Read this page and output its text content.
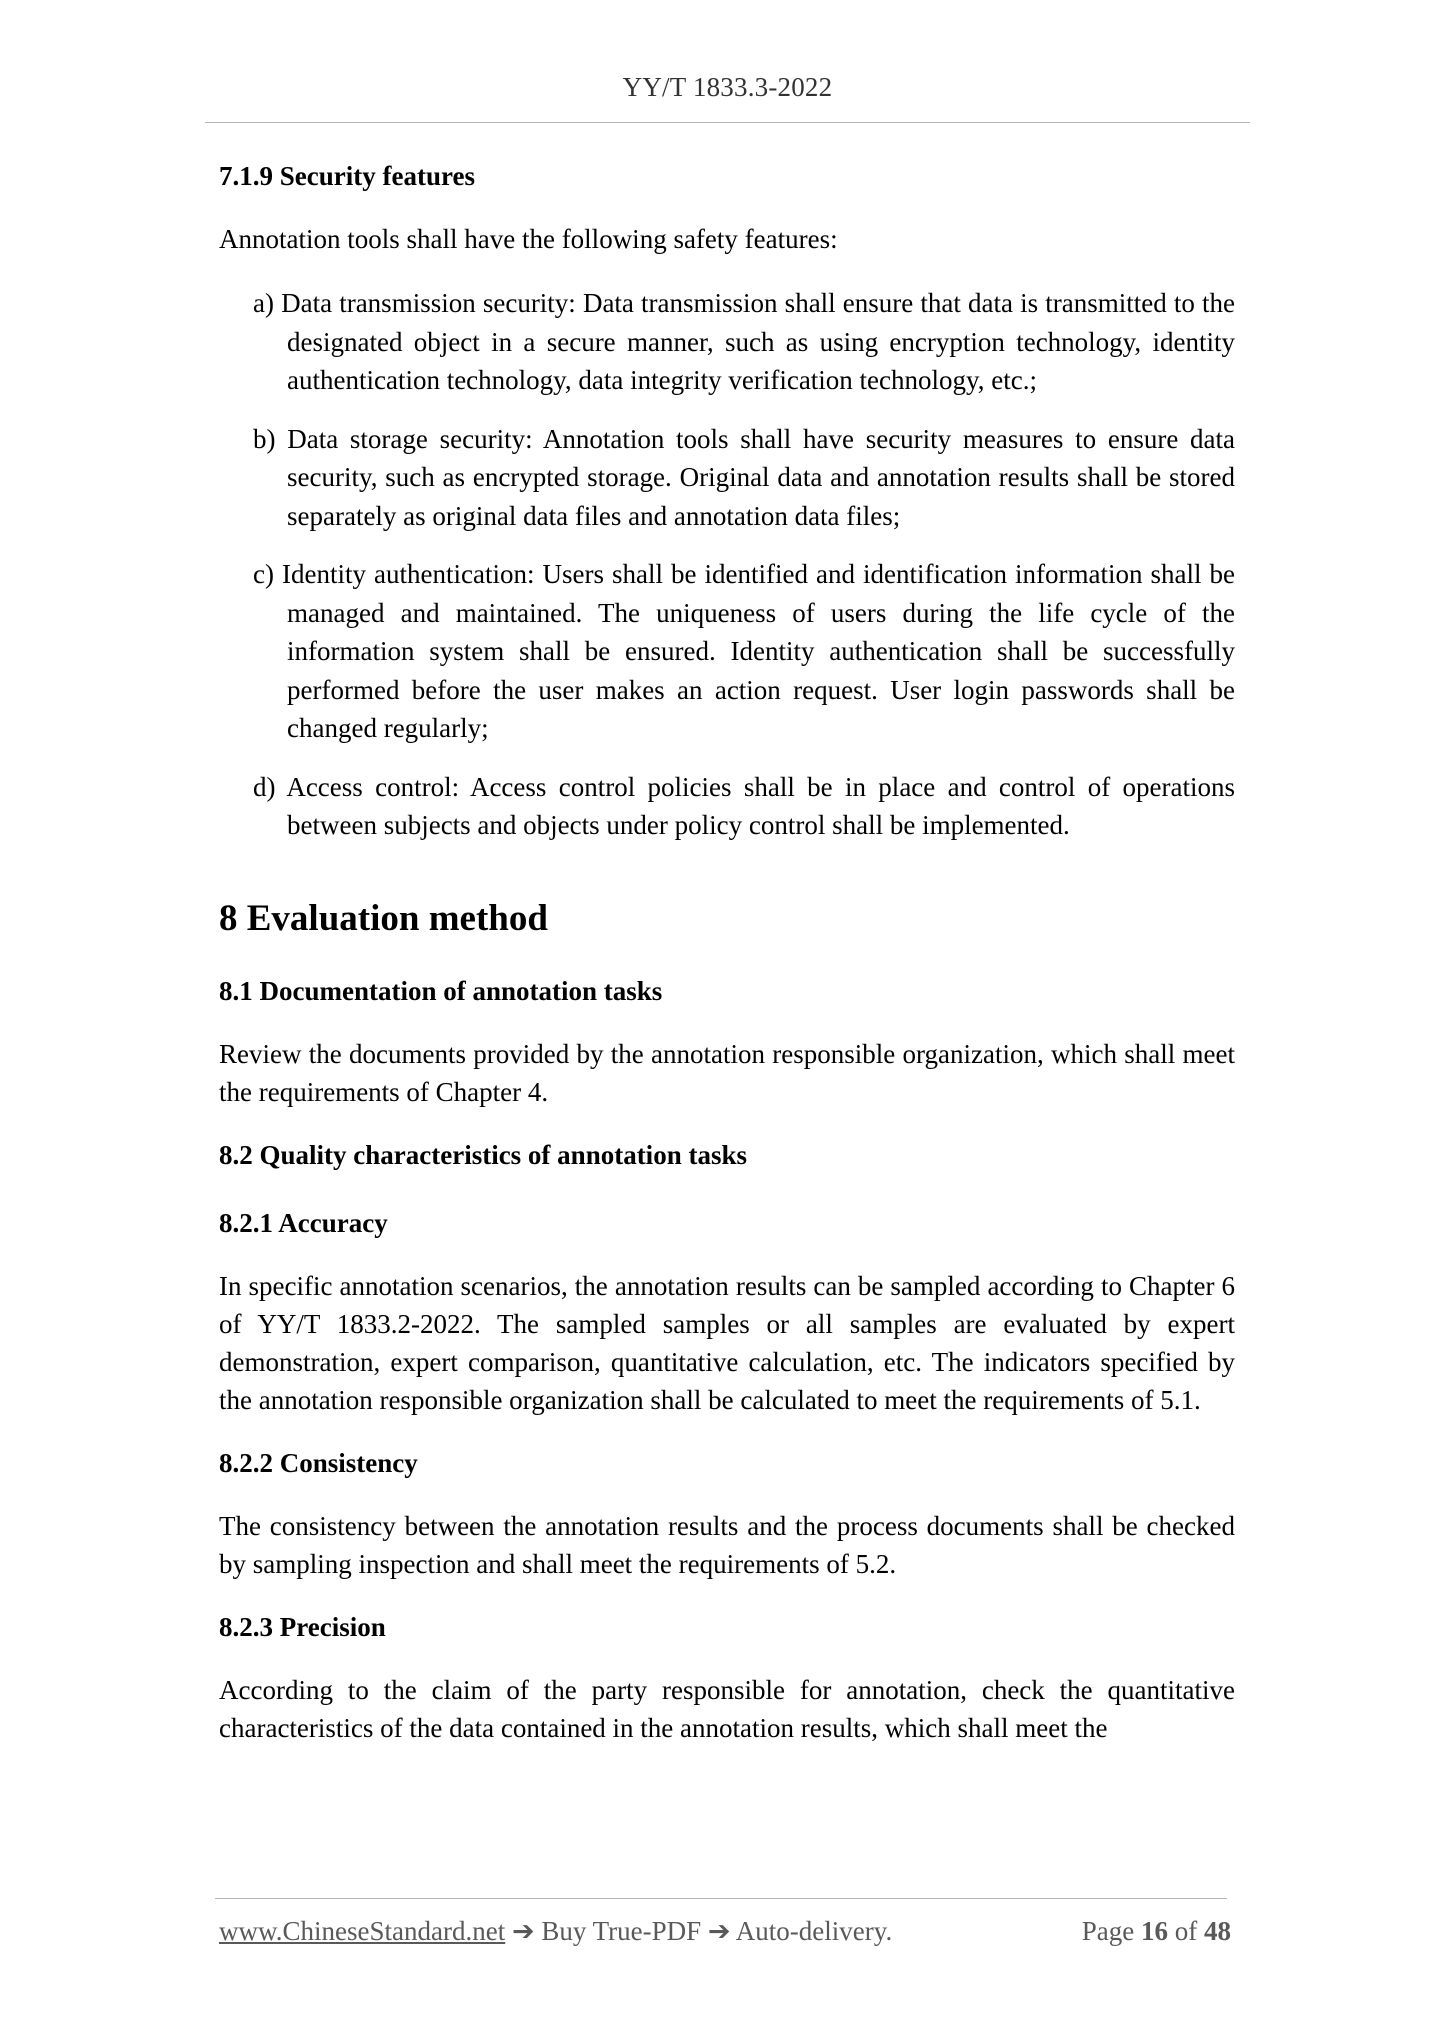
YY/T 1833.3-2022
7.1.9 Security features

Annotation tools shall have the following safety features:

a) Data transmission security: Data transmission shall ensure that data is transmitted to the designated object in a secure manner, such as using encryption technology, identity authentication technology, data integrity verification technology, etc.;

b) Data storage security: Annotation tools shall have security measures to ensure data security, such as encrypted storage. Original data and annotation results shall be stored separately as original data files and annotation data files;

c) Identity authentication: Users shall be identified and identification information shall be managed and maintained. The uniqueness of users during the life cycle of the information system shall be ensured. Identity authentication shall be successfully performed before the user makes an action request. User login passwords shall be changed regularly;

d) Access control: Access control policies shall be in place and control of operations between subjects and objects under policy control shall be implemented.

8 Evaluation method
8.1 Documentation of annotation tasks

Review the documents provided by the annotation responsible organization, which shall meet the requirements of Chapter 4.

8.2 Quality characteristics of annotation tasks
8.2.1 Accuracy

In specific annotation scenarios, the annotation results can be sampled according to Chapter 6 of YY/T 1833.2-2022. The sampled samples or all samples are evaluated by expert demonstration, expert comparison, quantitative calculation, etc. The indicators specified by the annotation responsible organization shall be calculated to meet the requirements of 5.1.

8.2.2 Consistency

The consistency between the annotation results and the process documents shall be checked by sampling inspection and shall meet the requirements of 5.2.

8.2.3 Precision

According to the claim of the party responsible for annotation, check the quantitative characteristics of the data contained in the annotation results, which shall meet the

www.ChineseStandard.net ➔ Buy True-PDF ➔ Auto-delivery.	Page 16 of 48
